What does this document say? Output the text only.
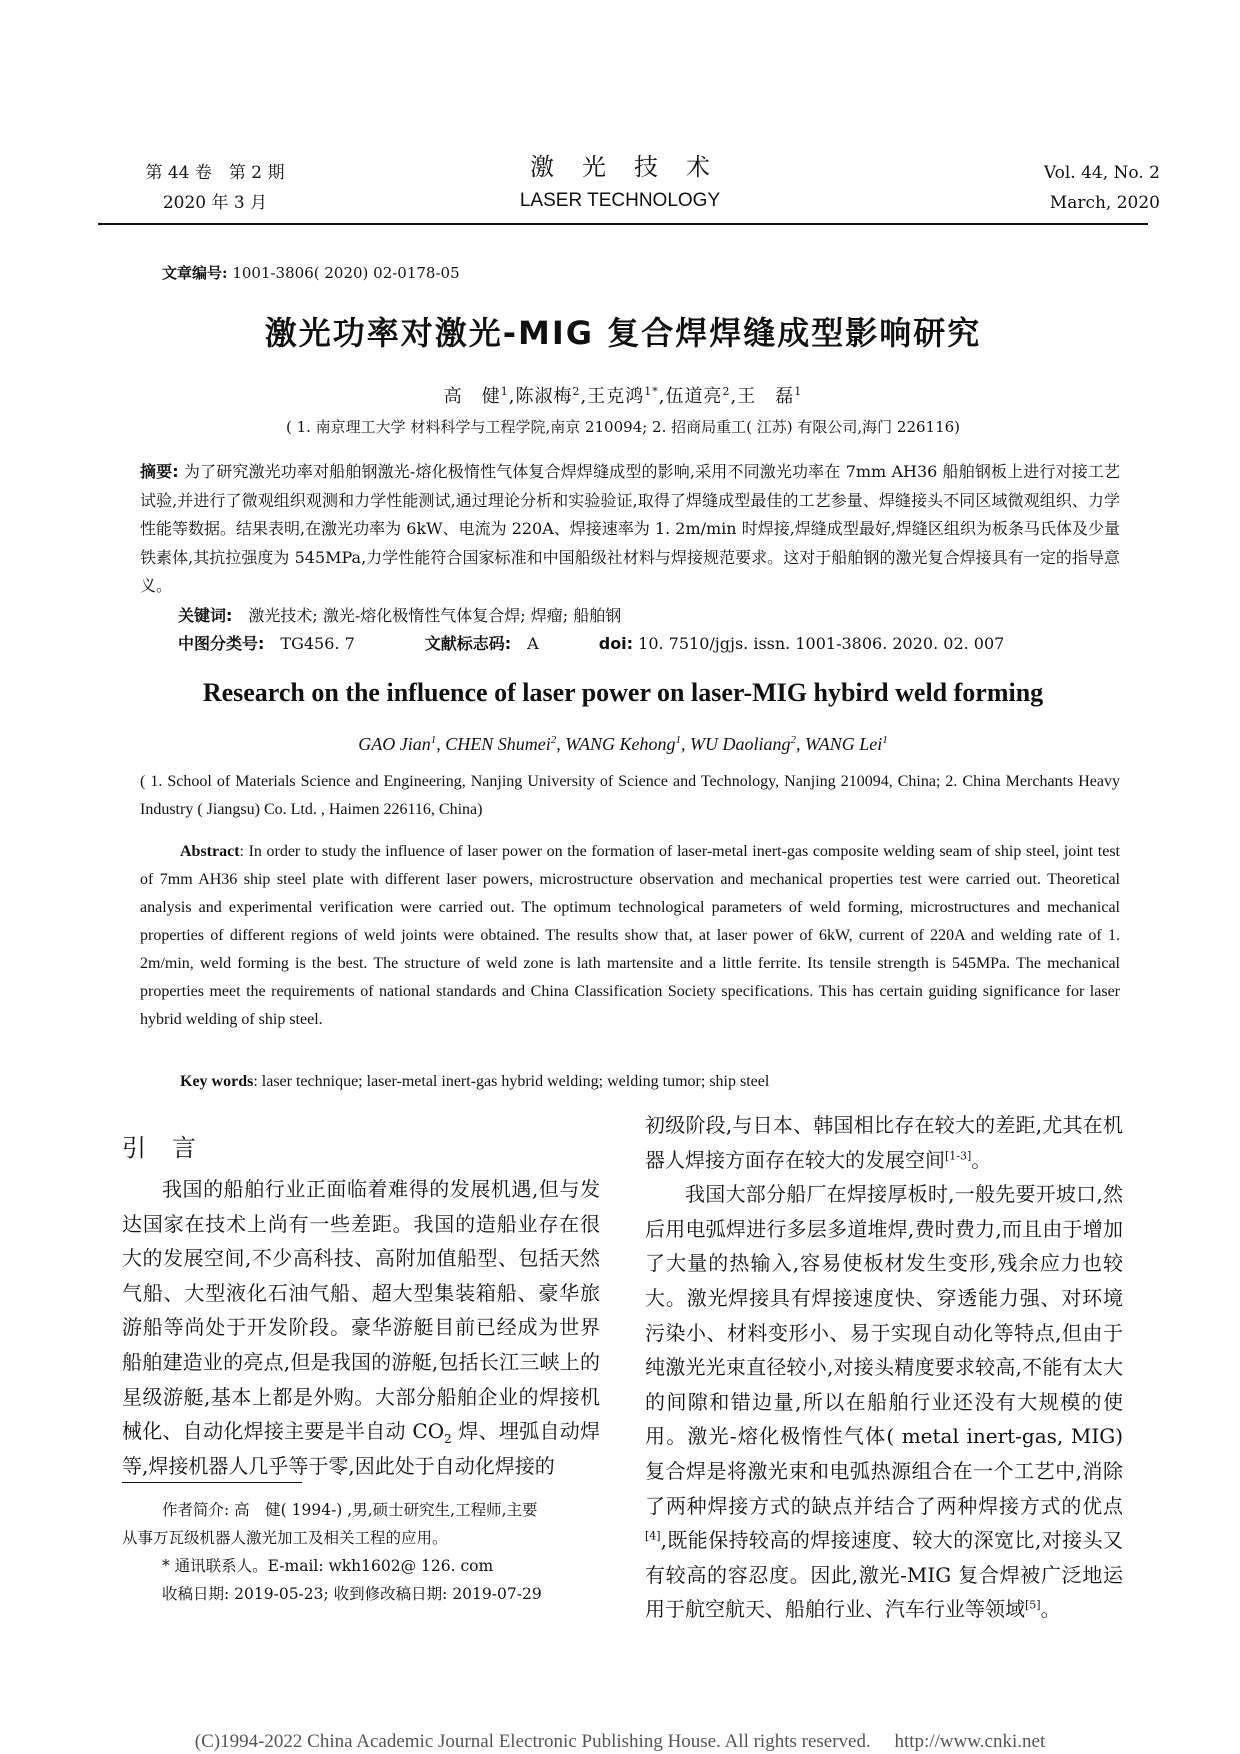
第 44 卷　第 2 期
2020 年 3 月
激光技术
LASER TECHNOLOGY
Vol. 44, No. 2
March, 2020
文章编号: 1001-3806( 2020) 02-0178-05
激光功率对激光-MIG 复合焊焊缝成型影响研究
高　健$^1$,陈淑梅$^2$,王克鸿$^{1*}$,伍道亮$^2$,王　磊$^1$
( 1. 南京理工大学 材料科学与工程学院,南京 210094; 2. 招商局重工( 江苏) 有限公司,海门 226116)
摘要: 为了研究激光功率对船舶钢激光-熔化极惰性气体复合焊焊缝成型的影响,采用不同激光功率在 7mm AH36 船舶钢板上进行对接工艺试验,并进行了微观组织观测和力学性能测试,通过理论分析和实验验证,取得了焊缝成型最佳的工艺参量、焊缝接头不同区域微观组织、力学性能等数据。结果表明,在激光功率为 6kW、电流为 220A、焊接速率为 1. 2m/min 时焊接,焊缝成型最好,焊缝区组织为板条马氏体及少量铁素体,其抗拉强度为 545MPa,力学性能符合国家标准和中国船级社材料与焊接规范要求。这对于船舶钢的激光复合焊接具有一定的指导意义。
关键词:　激光技术; 激光-熔化极惰性气体复合焊; 焊瘤; 船舶钢
中图分类号:　TG456. 7	文献标志码:　A	doi: 10. 7510/jgjs. issn. 1001-3806. 2020. 02. 007
Research on the influence of laser power on laser-MIG hybird weld forming
GAO Jian$^1$, CHEN Shumei$^2$, WANG Kehong$^1$, WU Daoliang$^2$, WANG Lei$^1$
( 1. School of Materials Science and Engineering, Nanjing University of Science and Technology, Nanjing 210094, China; 2. China Merchants Heavy Industry ( Jiangsu) Co. Ltd. , Haimen 226116, China)
Abstract: In order to study the influence of laser power on the formation of laser-metal inert-gas composite welding seam of ship steel, joint test of 7mm AH36 ship steel plate with different laser powers, microstructure observation and mechanical properties test were carried out. Theoretical analysis and experimental verification were carried out. The optimum technological parameters of weld forming, microstructures and mechanical properties of different regions of weld joints were obtained. The results show that, at laser power of 6kW, current of 220A and welding rate of 1. 2m/min, weld forming is the best. The structure of weld zone is lath martensite and a little ferrite. Its tensile strength is 545MPa. The mechanical properties meet the requirements of national standards and China Classification Society specifications. This has certain guiding significance for laser hybrid welding of ship steel.
Key words: laser technique; laser-metal inert-gas hybrid welding; welding tumor; ship steel
引言
我国的船舶行业正面临着难得的发展机遇,但与发达国家在技术上尚有一些差距。我国的造船业存在很大的发展空间,不少高科技、高附加值船型、包括天然气船、大型液化石油气船、超大型集装箱船、豪华旅游船等尚处于开发阶段。豪华游艇目前已经成为世界船舶建造业的亮点,但是我国的游艇,包括长江三峡上的星级游艇,基本上都是外购。大部分船舶企业的焊接机械化、自动化焊接主要是半自动 $CO_2$ 焊、埋弧自动焊等,焊接机器人几乎等于零,因此处于自动化焊接的

初级阶段,与日本、韩国相比存在较大的差距,尤其在机器人焊接方面存在较大的发展空间[1-3]。

我国大部分船厂在焊接厚板时,一般先要开坡口,然后用电弧焊进行多层多道堆焊,费时费力,而且由于增加了大量的热输入,容易使板材发生变形,残余应力也较大。激光焊接具有焊接速度快、穿透能力强、对环境污染小、材料变形小、易于实现自动化等特点,但由于纯激光光束直径较小,对接头精度要求较高,不能有太大的间隙和错边量,所以在船舶行业还没有大规模的使用。激光-熔化极惰性气体( metal inert-gas, MIG) 复合焊是将激光束和电弧热源组合在一个工艺中,消除了两种焊接方式的缺点并结合了两种焊接方式的优点[4],既能保持较高的焊接速度、较大的深宽比,对接头又有较高的容忍度。因此,激光-MIG 复合焊被广泛地运用于航空航天、船舶行业、汽车行业等领域[5]。

作者简介: 高　健( 1994-) ,男,硕士研究生,工程师,主要
从事万瓦级机器人激光加工及相关工程的应用。
* 通讯联系人。E-mail: wkh1602@ 126. com
收稿日期: 2019-05-23; 收到修改稿日期: 2019-07-29
(C)1994-2022 China Academic Journal Electronic Publishing House. All rights reserved.　 http://www.cnki.net
